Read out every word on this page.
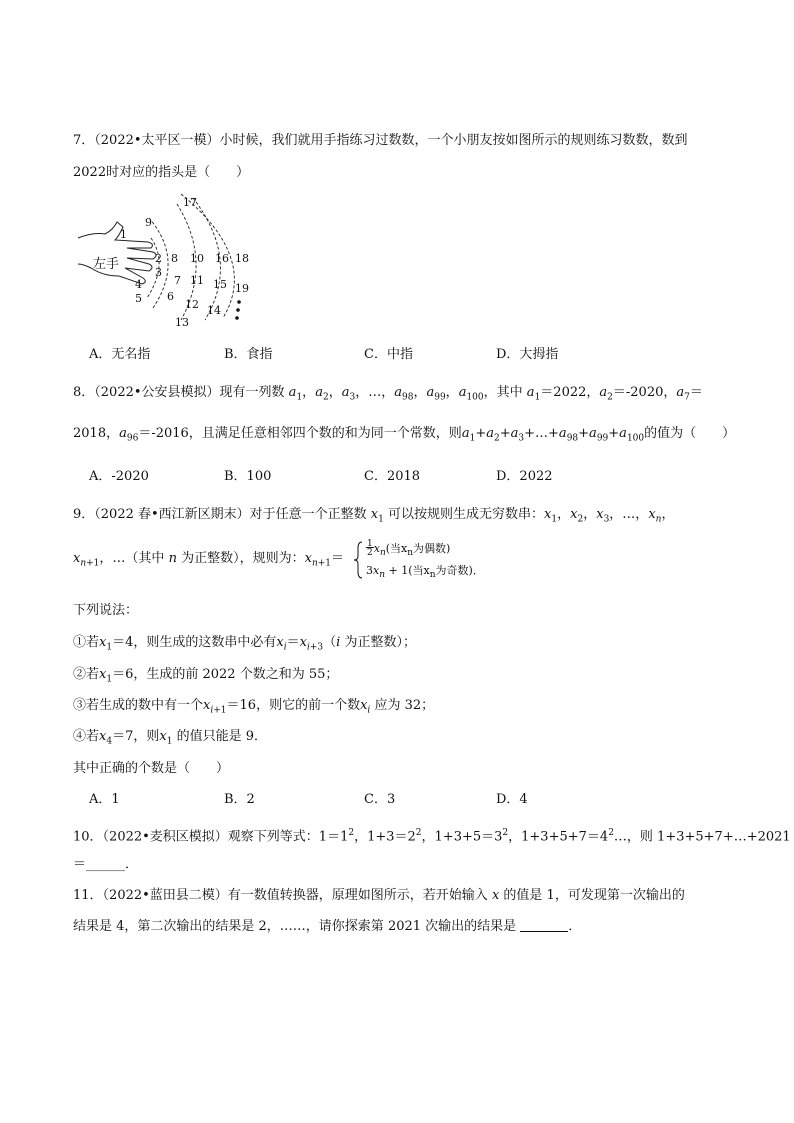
7．（2022•太平区一模）小时候，我们就用手指练习过数数，一个小朋友按如图所示的规则练习数数，数到
2022时对应的指头是（　　）
左手
1
2
3
4
5 6
7
8
9
10
11
12
13
14
15
16
17
18
19
A．无名指	B．食指	C．中指	D．大拇指
8．（2022•公安县模拟）现有一列数 $a_1$，$a_2$，$a_3$，…，$a_{98}$，$a_{99}$，$a_{100}$，其中 $a_1=2022$，$a_2=-2020$，$a_7=$
2018，$a_{96}=-2016$，且满足任意相邻四个数的和为同一个常数，则$a_1+a_2+a_3+\dots+a_{98}+a_{99}+a_{100}$的值为（　　）
A．-2020	B．100	C．2018	D．2022
9．（2022 春•西江新区期末）对于任意一个正整数 $x_1$ 可以按规则生成无穷数串：$x_1$，$x_2$，$x_3$，…，$x_n$，
$x_{n+1}$，…（其中 n 为正整数），规则为：$x_{n+1}=$
1
$2x_n$(当$x_n$为偶数)
$3x_n + 1$(当$x_n$为奇数)．
下列说法：
①若$x_1=4$，则生成的这数串中必有$x_i=x_{i+3}(i$ 为正整数）；
②若$x_1=6$，生成的前 2022 个数之和为 55；
③若生成的数中有一个$x_{i+1}=16$，则它的前一个数$x_i$ 应为 32；
④若$x_4=7$，则$x_1$ 的值只能是 9．
其中正确的个数是（　　）
A．1	B．2	C．3	D．4
10．（2022•麦积区模拟）观察下列等式：$1=1^2$，$1+3=2^2$，$1+3+5=3^2$，$1+3+5+7=4^2\dots$，则 1+3+5+7+…+2021
＝______．
11．（2022•蓝田县二模）有一数值转换器，原理如图所示，若开始输入 x 的值是 1，可发现第一次输出的
结果是 4，第二次输出的结果是 2，……，请你探索第 2021 次输出的结果是	．
